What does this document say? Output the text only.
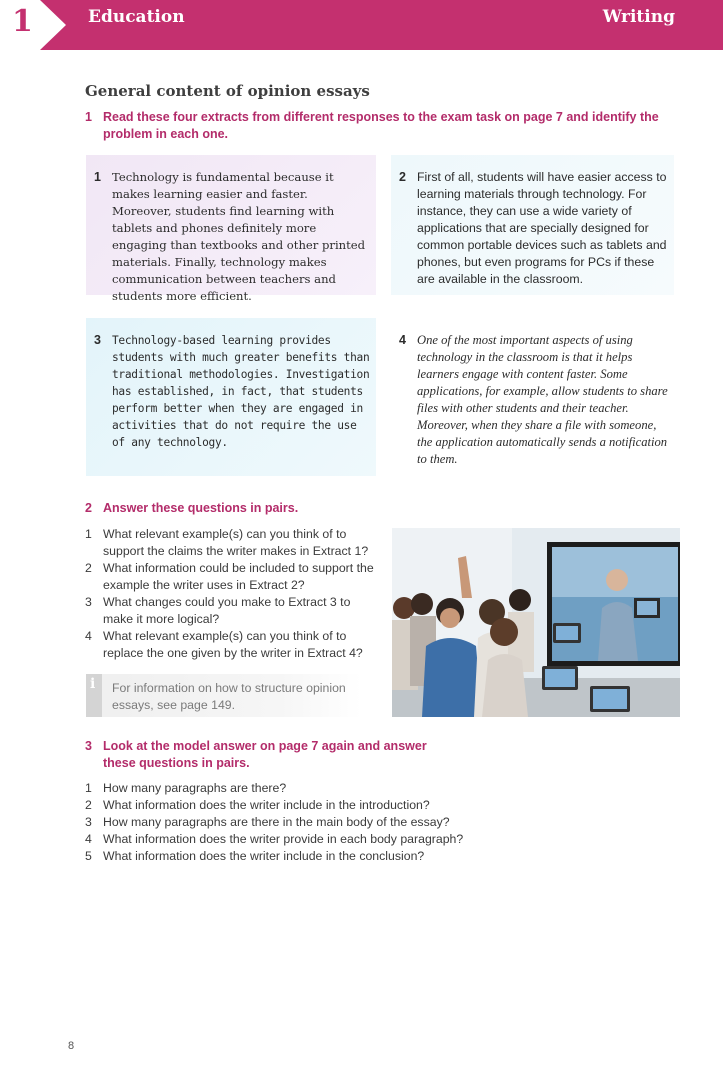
1	Education	Writing
General content of opinion essays
1 Read these four extracts from different responses to the exam task on page 7 and identify the problem in each one.
1 Technology is fundamental because it makes learning easier and faster. Moreover, students find learning with tablets and phones definitely more engaging than textbooks and other printed materials. Finally, technology makes communication between teachers and students more efficient.
2 First of all, students will have easier access to learning materials through technology. For instance, they can use a wide variety of applications that are specially designed for common portable devices such as tablets and phones, but even programs for PCs if these are available in the classroom.
3 Technology-based learning provides students with much greater benefits than traditional methodologies. Investigation has established, in fact, that students perform better when they are engaged in activities that do not require the use of any technology.
4 One of the most important aspects of using technology in the classroom is that it helps learners engage with content faster. Some applications, for example, allow students to share files with other students and their teacher. Moreover, when they share a file with someone, the application automatically sends a notification to them.
2 Answer these questions in pairs.
1 What relevant example(s) can you think of to support the claims the writer makes in Extract 1?
2 What information could be included to support the example the writer uses in Extract 2?
3 What changes could you make to Extract 3 to make it more logical?
4 What relevant example(s) can you think of to replace the one given by the writer in Extract 4?
i For information on how to structure opinion essays, see page 149.
3 Look at the model answer on page 7 again and answer these questions in pairs.
1 How many paragraphs are there?
2 What information does the writer include in the introduction?
3 How many paragraphs are there in the main body of the essay?
4 What information does the writer provide in each body paragraph?
5 What information does the writer include in the conclusion?
8
